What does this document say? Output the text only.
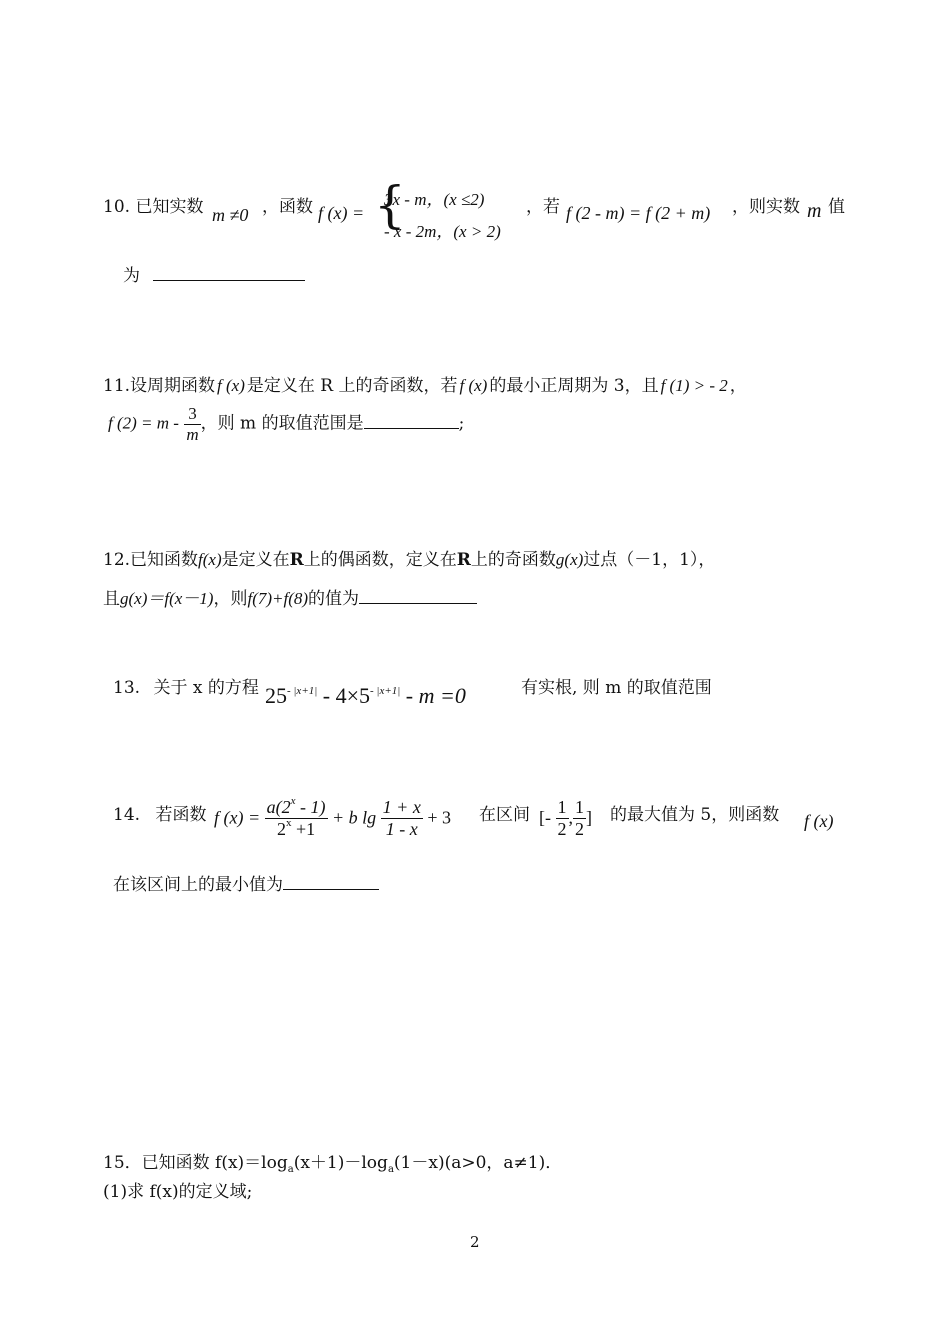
10. 已知实数 m ≠0 ，函数 f (x) = {
3x - m，(x ≤2)
- x - 2m，(x > 2)
，若 f (2 - m) = f (2 + m) ，则实数 m 值
为
11.设周期函数 f (x) 是定义在 R 上的奇函数，若 f (x) 的最小正周期为 3，且 f (1) > - 2 ，
f $(2) = m - \frac{3}{m}$ ，则 m 的取值范围是	;
12.已知函数f(x)是定义在R上的偶函数，定义在R上的奇函数g(x)过点（－1，1），
且g(x)＝f(x－1)，则f(7)+f(8)的值为
13. 关于 x 的方程 $25^{- |x+1|} - 4\times 5^{- |x+1|} - m =0$	有实根, 则 m 的取值范围
14. 若函数 f $(x) = \frac{a(2^x - 1)}{2^x +1} + b$ $\lg \frac{1 + x}{1 - x} + 3$ 在区间 [- $\frac{1}{2}$ , $\frac{1}{2}$ ] 的最大值为 5，则函数 f (x)
在该区间上的最小值为
15．已知函数 $f(x)=\log_a(x+1)-\log_a(1-x)(a>0$，a≠1)．
(1)求 f(x)的定义域;
2
